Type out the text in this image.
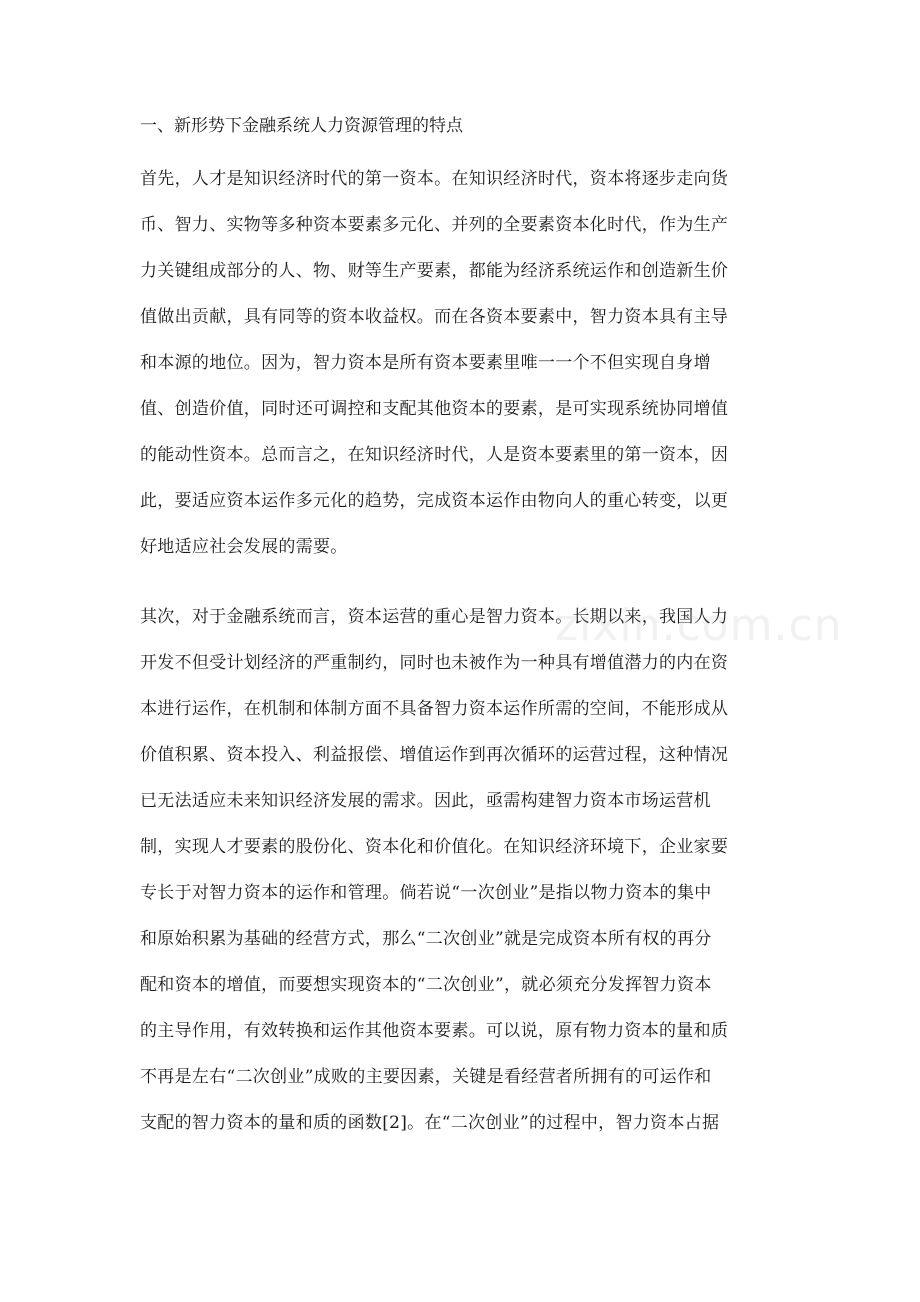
一、新形势下金融系统人力资源管理的特点
首先，人才是知识经济时代的第一资本。在知识经济时代，资本将逐步走向货
币、智力、实物等多种资本要素多元化、并列的全要素资本化时代，作为生产
力关键组成部分的人、物、财等生产要素，都能为经济系统运作和创造新生价
值做出贡献，具有同等的资本收益权。而在各资本要素中，智力资本具有主导
和本源的地位。因为，智力资本是所有资本要素里唯一一个不但实现自身增
值、创造价值，同时还可调控和支配其他资本的要素，是可实现系统协同增值
的能动性资本。总而言之，在知识经济时代，人是资本要素里的第一资本，因
此，要适应资本运作多元化的趋势，完成资本运作由物向人的重心转变，以更
好地适应社会发展的需要。
其次，对于金融系统而言，资本运营的重心是智力资本。长期以来，我国人力
开发不但受计划经济的严重制约，同时也未被作为一种具有增值潜力的内在资
本进行运作，在机制和体制方面不具备智力资本运作所需的空间，不能形成从
价值积累、资本投入、利益报偿、增值运作到再次循环的运营过程，这种情况
已无法适应未来知识经济发展的需求。因此，亟需构建智力资本市场运营机
制，实现人才要素的股份化、资本化和价值化。在知识经济环境下，企业家要
专长于对智力资本的运作和管理。倘若说“一次创业”是指以物力资本的集中
和原始积累为基础的经营方式，那么“二次创业”就是完成资本所有权的再分
配和资本的增值，而要想实现资本的“二次创业”，就必须充分发挥智力资本
的主导作用，有效转换和运作其他资本要素。可以说，原有物力资本的量和质
不再是左右“二次创业”成败的主要因素，关键是看经营者所拥有的可运作和
支配的智力资本的量和质的函数[2]。在“二次创业”的过程中，智力资本占据
zixin.com.cn
